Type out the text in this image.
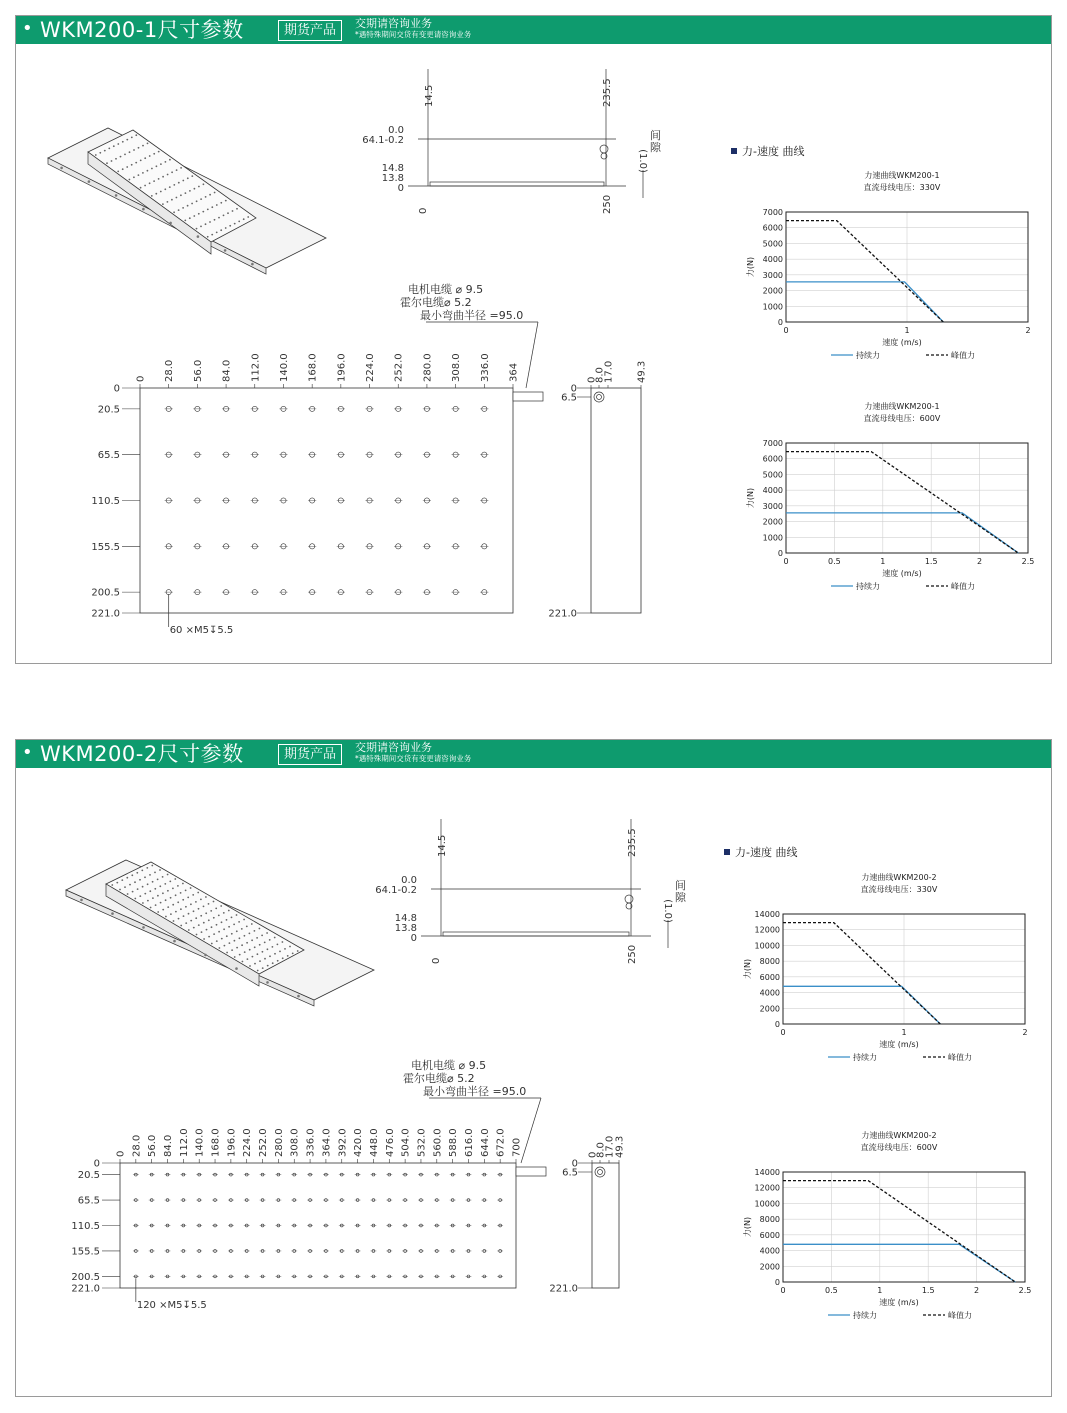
• WKM200-1尺寸参数	期货产品	交期请咨询业务
*遇特殊期间交货有变更请咨询业务
14.5	235.5
0.0
64.1-0.2
14.8
13.8
0
0	250
(1.0)
间
隙
电机电缆 ⌀ 9.5
霍尔电缆⌀ 5.2
最小弯曲半径 =95.0
0 28.0 56.0 84.0 112.0 140.0 168.0 196.0 224.0 252.0 280.0 308.0 336.0 364
0
20.5
65.5
110.5
155.5
200.5
221.0
60 ×M5↧5.5
0
8.0
17.0 49.3
0
6.5
221.0
力-速度 曲线
力速曲线WKM200-1
直流母线电压：330V
0
1000
2000
3000
4000
5000
6000
7000
0	1	2
速度 (m/s)
力(N)
持续力	峰值力
力速曲线WKM200-1
直流母线电压：600V
0
1000
2000
3000
4000
5000
6000
7000
0	0.5	1	1.5	2	2.5
速度 (m/s)
力(N)
持续力	峰值力
• WKM200-2尺寸参数	期货产品	交期请咨询业务
*遇特殊期间交货有变更请咨询业务
14.5	235.5
0.0
64.1-0.2
14.8
13.8
0
0	250
(1.0)
间
隙
电机电缆 ⌀ 9.5
霍尔电缆⌀ 5.2
最小弯曲半径 =95.0
0 28.0 56.0 84.0 112.0 140.0 168.0 196.0 224.0 252.0 280.0 308.0 336.0 364.0 392.0 420.0 448.0 476.0 504.0 532.0 560.0 588.0 616.0 644.0 672.0 700
0
20.5
65.5
110.5
155.5
200.5
221.0
120 ×M5↧5.5
0
8.0
17.0 49.3
0
6.5
221.0
力-速度 曲线
力速曲线WKM200-2
直流母线电压：330V
0
2000
4000
6000
8000
10000
12000
14000
0	1	2
速度 (m/s)
力(N)
持续力	峰值力
力速曲线WKM200-2
直流母线电压：600V
0
2000
4000
6000
8000
10000
12000
14000
0	0.5	1	1.5	2	2.5
速度 (m/s)
力(N)
持续力	峰值力
